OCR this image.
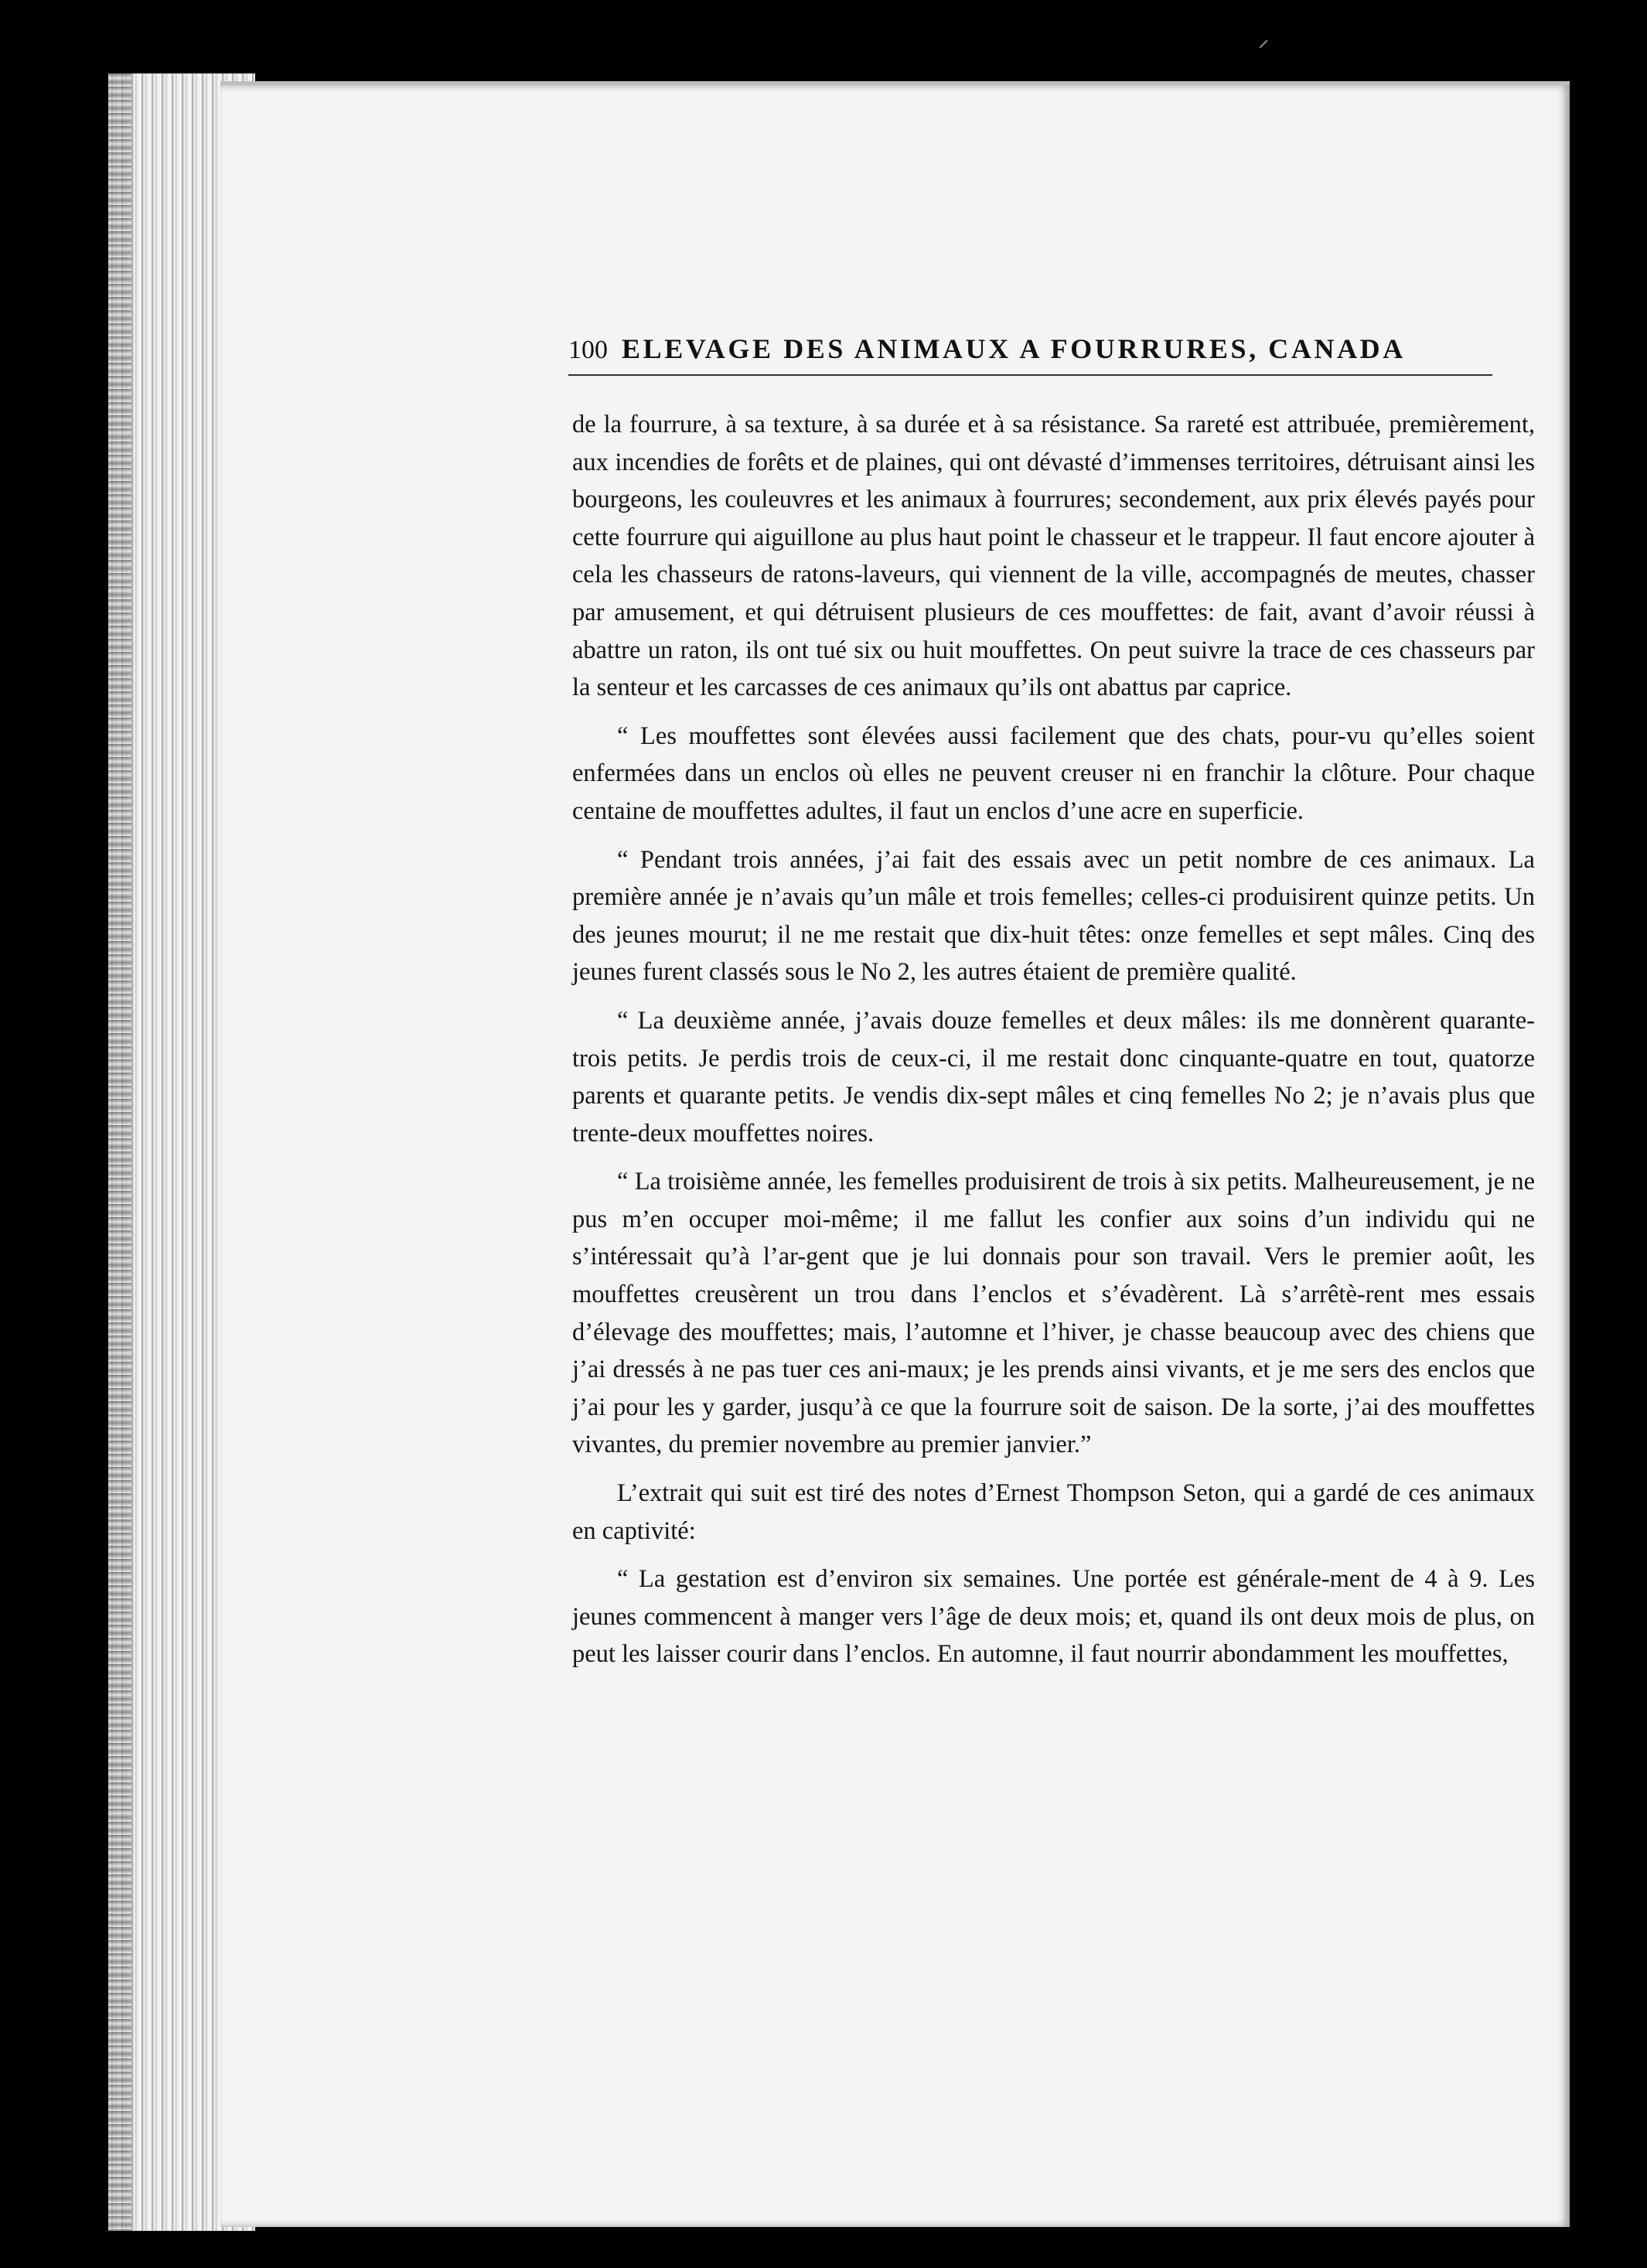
⸝
100 ELEVAGE DES ANIMAUX A FOURRURES, CANADA

de la fourrure, à sa texture, à sa durée et à sa résistance. Sa rareté est attribuée, premièrement, aux incendies de forêts et de plaines, qui ont dévasté d’immenses territoires, détruisant ainsi les bourgeons, les couleuvres et les animaux à fourrures; secondement, aux prix élevés payés pour cette fourrure qui aiguillone au plus haut point le chasseur et le trappeur. Il faut encore ajouter à cela les chasseurs de ratons-laveurs, qui viennent de la ville, accompagnés de meutes, chasser par amusement, et qui détruisent plusieurs de ces mouffettes: de fait, avant d’avoir réussi à abattre un raton, ils ont tué six ou huit mouffettes. On peut suivre la trace de ces chasseurs par la senteur et les carcasses de ces animaux qu’ils ont abattus par caprice.

“ Les mouffettes sont élevées aussi facilement que des chats, pour-vu qu’elles soient enfermées dans un enclos où elles ne peuvent creuser ni en franchir la clôture. Pour chaque centaine de mouffettes adultes, il faut un enclos d’une acre en superficie.

“ Pendant trois années, j’ai fait des essais avec un petit nombre de ces animaux. La première année je n’avais qu’un mâle et trois femelles; celles-ci produisirent quinze petits. Un des jeunes mourut; il ne me restait que dix-huit têtes: onze femelles et sept mâles. Cinq des jeunes furent classés sous le No 2, les autres étaient de première qualité.

“ La deuxième année, j’avais douze femelles et deux mâles: ils me donnèrent quarante-trois petits. Je perdis trois de ceux-ci, il me restait donc cinquante-quatre en tout, quatorze parents et quarante petits. Je vendis dix-sept mâles et cinq femelles No 2; je n’avais plus que trente-deux mouffettes noires.

“ La troisième année, les femelles produisirent de trois à six petits. Malheureusement, je ne pus m’en occuper moi-même; il me fallut les confier aux soins d’un individu qui ne s’intéressait qu’à l’ar-gent que je lui donnais pour son travail. Vers le premier août, les mouffettes creusèrent un trou dans l’enclos et s’évadèrent. Là s’arrêtè-rent mes essais d’élevage des mouffettes; mais, l’automne et l’hiver, je chasse beaucoup avec des chiens que j’ai dressés à ne pas tuer ces ani-maux; je les prends ainsi vivants, et je me sers des enclos que j’ai pour les y garder, jusqu’à ce que la fourrure soit de saison. De la sorte, j’ai des mouffettes vivantes, du premier novembre au premier janvier.”

L’extrait qui suit est tiré des notes d’Ernest Thompson Seton, qui a gardé de ces animaux en captivité:

“ La gestation est d’environ six semaines. Une portée est générale-ment de 4 à 9. Les jeunes commencent à manger vers l’âge de deux mois; et, quand ils ont deux mois de plus, on peut les laisser courir dans l’enclos. En automne, il faut nourrir abondamment les mouffettes,
